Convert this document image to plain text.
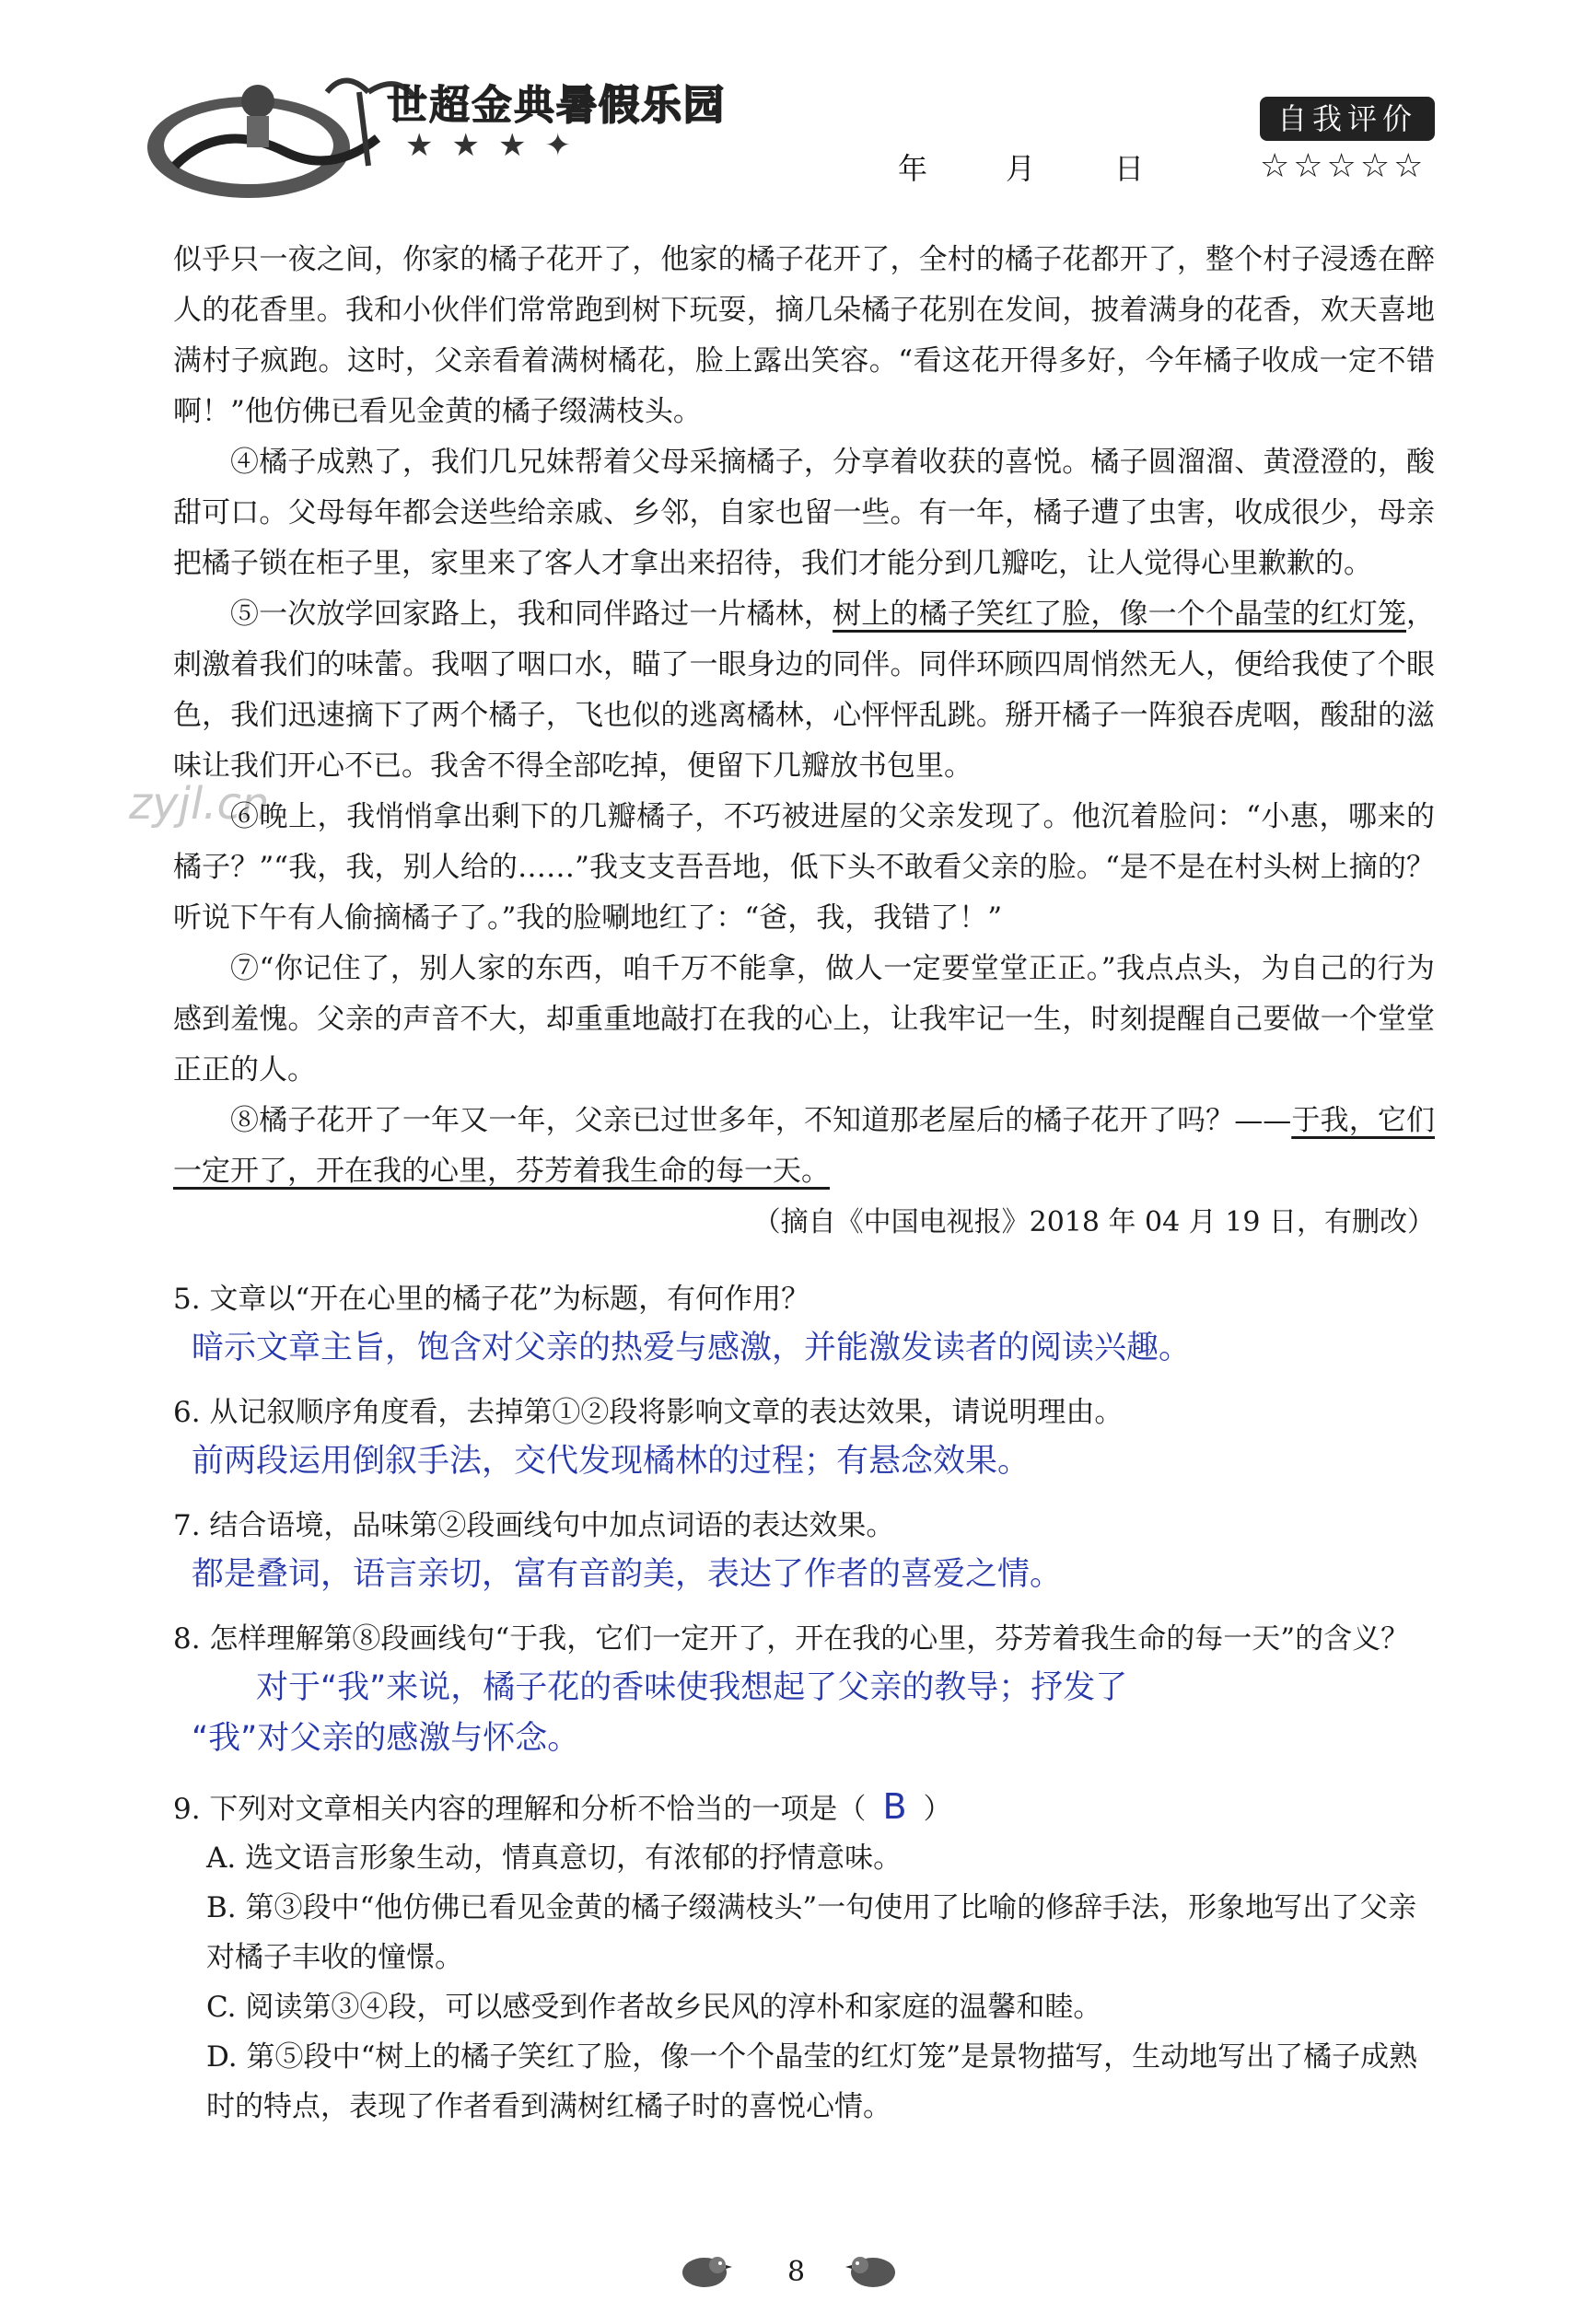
世超金典暑假乐园
★★★✦
年	月	日
自我评价
☆☆☆☆☆
zyjl.cn

似乎只一夜之间，你家的橘子花开了，他家的橘子花开了，全村的橘子花都开了，整个村子浸透在醉人的花香里。我和小伙伴们常常跑到树下玩耍，摘几朵橘子花别在发间，披着满身的花香，欢天喜地满村子疯跑。这时，父亲看着满树橘花，脸上露出笑容。“看这花开得多好，今年橘子收成一定不错啊！”他仿佛已看见金黄的橘子缀满枝头。

④橘子成熟了，我们几兄妹帮着父母采摘橘子，分享着收获的喜悦。橘子圆溜溜、黄澄澄的，酸甜可口。父母每年都会送些给亲戚、乡邻，自家也留一些。有一年，橘子遭了虫害，收成很少，母亲把橘子锁在柜子里，家里来了客人才拿出来招待，我们才能分到几瓣吃，让人觉得心里歉歉的。

⑤一次放学回家路上，我和同伴路过一片橘林，树上的橘子笑红了脸，像一个个晶莹的红灯笼，刺激着我们的味蕾。我咽了咽口水，瞄了一眼身边的同伴。同伴环顾四周悄然无人，便给我使了个眼色，我们迅速摘下了两个橘子，飞也似的逃离橘林，心怦怦乱跳。掰开橘子一阵狼吞虎咽，酸甜的滋味让我们开心不已。我舍不得全部吃掉，便留下几瓣放书包里。

⑥晚上，我悄悄拿出剩下的几瓣橘子，不巧被进屋的父亲发现了。他沉着脸问：“小惠，哪来的橘子？”“我，我，别人给的……”我支支吾吾地，低下头不敢看父亲的脸。“是不是在村头树上摘的？听说下午有人偷摘橘子了。”我的脸唰地红了：“爸，我，我错了！”

⑦“你记住了，别人家的东西，咱千万不能拿，做人一定要堂堂正正。”我点点头，为自己的行为感到羞愧。父亲的声音不大，却重重地敲打在我的心上，让我牢记一生，时刻提醒自己要做一个堂堂正正的人。

⑧橘子花开了一年又一年，父亲已过世多年，不知道那老屋后的橘子花开了吗？——于我，它们一定开了，开在我的心里，芬芳着我生命的每一天。

（摘自《中国电视报》2018 年 04 月 19 日，有删改）

5. 文章以“开在心里的橘子花”为标题，有何作用？

暗示文章主旨，饱含对父亲的热爱与感激，并能激发读者的阅读兴趣。

6. 从记叙顺序角度看，去掉第①②段将影响文章的表达效果，请说明理由。

前两段运用倒叙手法，交代发现橘林的过程；有悬念效果。

7. 结合语境，品味第②段画线句中加点词语的表达效果。

都是叠词，语言亲切，富有音韵美，表达了作者的喜爱之情。

8. 怎样理解第⑧段画线句“于我，它们一定开了，开在我的心里，芬芳着我生命的每一天”的含义？

对于“我”来说，橘子花的香味使我想起了父亲的教导；抒发了

“我”对父亲的感激与怀念。

9. 下列对文章相关内容的理解和分析不恰当的一项是（ B ）

A. 选文语言形象生动，情真意切，有浓郁的抒情意味。

B. 第③段中“他仿佛已看见金黄的橘子缀满枝头”一句使用了比喻的修辞手法，形象地写出了父亲对橘子丰收的憧憬。

C. 阅读第③④段，可以感受到作者故乡民风的淳朴和家庭的温馨和睦。

D. 第⑤段中“树上的橘子笑红了脸，像一个个晶莹的红灯笼”是景物描写，生动地写出了橘子成熟时的特点，表现了作者看到满树红橘子时的喜悦心情。

8
